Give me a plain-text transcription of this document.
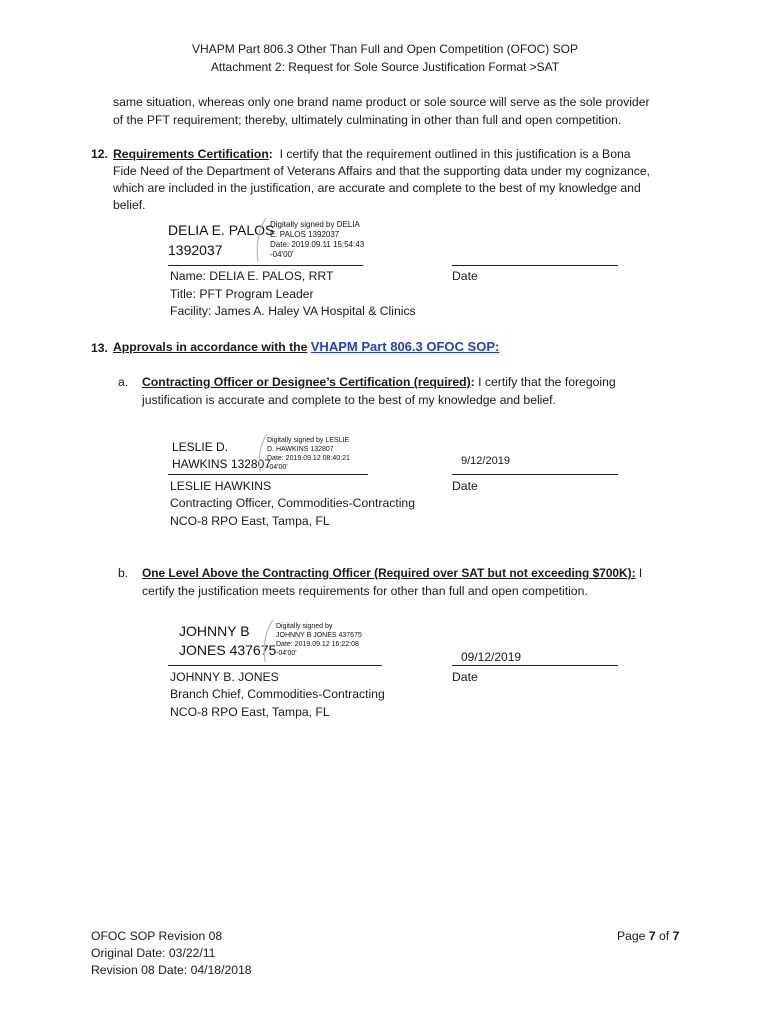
VHAPM Part 806.3 Other Than Full and Open Competition (OFOC) SOP
Attachment 2: Request for Sole Source Justification Format >SAT
same situation, whereas only one brand name product or sole source will serve as the sole provider
of the PFT requirement; thereby, ultimately culminating in other than full and open competition.
12. Requirements Certification: I certify that the requirement outlined in this justification is a Bona
Fide Need of the Department of Veterans Affairs and that the supporting data under my cognizance,
which are included in the justification, are accurate and complete to the best of my knowledge and
belief.
DELIA E. PALOS
1392037
Digitally signed by DELIA
E. PALOS 1392037
Date: 2019.09.11 15:54:43
-04'00'
Date
Name: DELIA E. PALOS, RRT
Title: PFT Program Leader
Facility: James A. Haley VA Hospital & Clinics
13. Approvals in accordance with the VHAPM Part 806.3 OFOC SOP:
a. Contracting Officer or Designee’s Certification (required): I certify that the foregoing
justification is accurate and complete to the best of my knowledge and belief.
LESLIE D.
HAWKINS 132807
Digitally signed by LESLIE
D. HAWKINS 132807
Date: 2019.09.12 08:40:21
-04'00'
9/12/2019
Date
LESLIE HAWKINS
Contracting Officer, Commodities-Contracting
NCO-8 RPO East, Tampa, FL
b. One Level Above the Contracting Officer (Required over SAT but not exceeding $700K): I
certify the justification meets requirements for other than full and open competition.
JOHNNY B
JONES 437675
Digitally signed by
JOHNNY B JONES 437675
Date: 2019.09.12 16:22:08
-04'00'	09/12/2019
Date
JOHNNY B. JONES
Branch Chief, Commodities-Contracting
NCO-8 RPO East, Tampa, FL
OFOC SOP Revision 08
Original Date: 03/22/11
Revision 08 Date: 04/18/2018
Page 7 of 7
